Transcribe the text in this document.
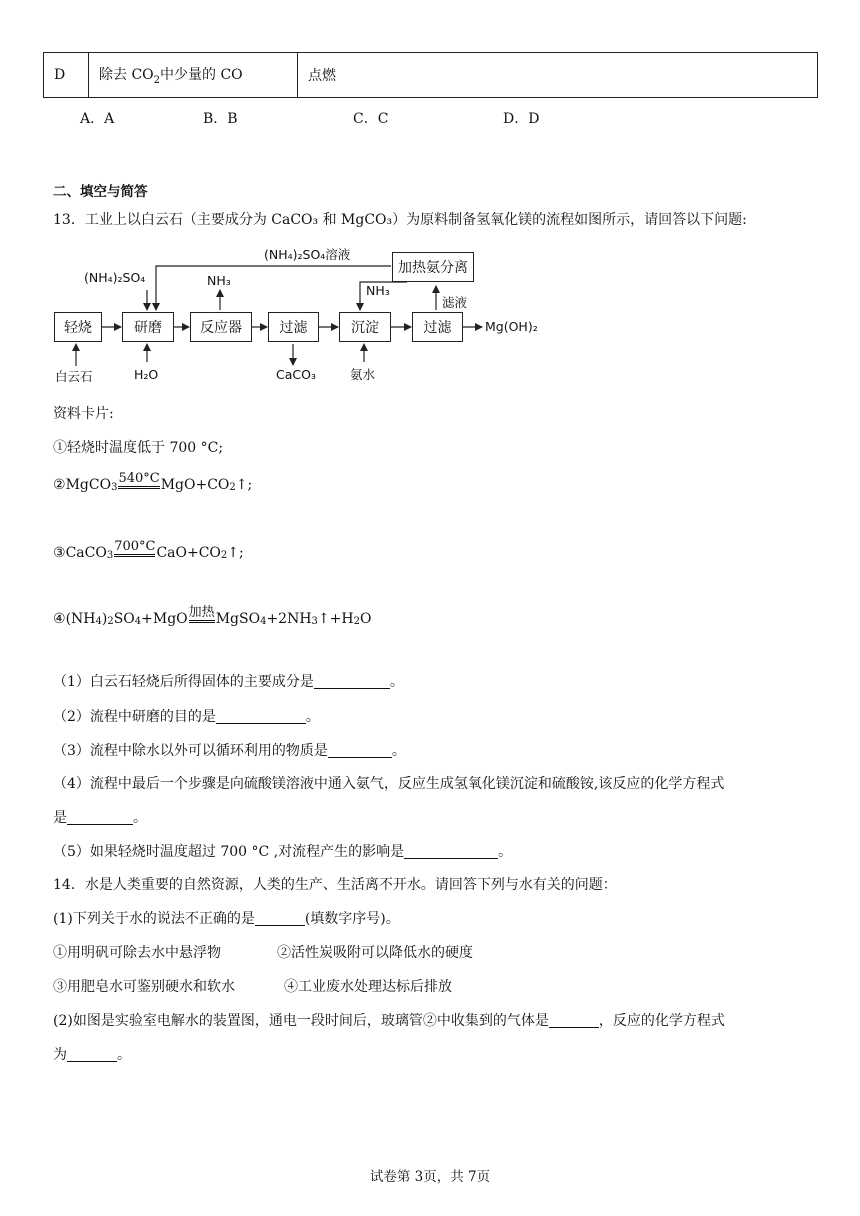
D	除去 $CO_2$中少量的 CO	点燃
A．A	B．B	C．C	D．D
二、填空与简答
13．工业上以白云石（主要成分为 CaCO₃ 和 MgCO₃）为原料制备氢氧化镁的流程如图所示，请回答以下问题:
轻烧	研磨	反应器	过滤	沉淀	过滤
加热氨分离
(NH₄)₂SO₄溶液
(NH₄)₂SO₄	NH₃
NH₃
滤液
Mg(OH)₂
白云石	H₂O	CaCO₃	氨水
资料卡片:
①轻烧时温度低于 700 °C;
② MgCO 3
540°C MgO+CO 2 ↑;
③ CaCO 3
700°C CaO+CO 2 ↑;
④ (NH 4 ) 2 SO 4 +MgO 加热 MgSO 4 +2NH 3 ↑+H 2 O
（1）白云石轻烧后所得固体的主要成分是	。
（2）流程中研磨的目的是	。
（3）流程中除水以外可以循环利用的物质是	。
（4）流程中最后一个步骤是向硫酸镁溶液中通入氨气，反应生成氢氧化镁沉淀和硫酸铵,该反应的化学方程式
是	。
（5）如果轻烧时温度超过 700 °C ,对流程产生的影响是	。
14．水是人类重要的自然资源，人类的生产、生活离不开水。请回答下列与水有关的问题：
(1)下列关于水的说法不正确的是	(填数字序号)。
①用明矾可除去水中悬浮物	②活性炭吸附可以降低水的硬度
③用肥皂水可鉴别硬水和软水	④工业废水处理达标后排放
(2)如图是实验室电解水的装置图，通电一段时间后，玻璃管②中收集到的气体是	，反应的化学方程式
为	。
试卷第 3页，共 7页
